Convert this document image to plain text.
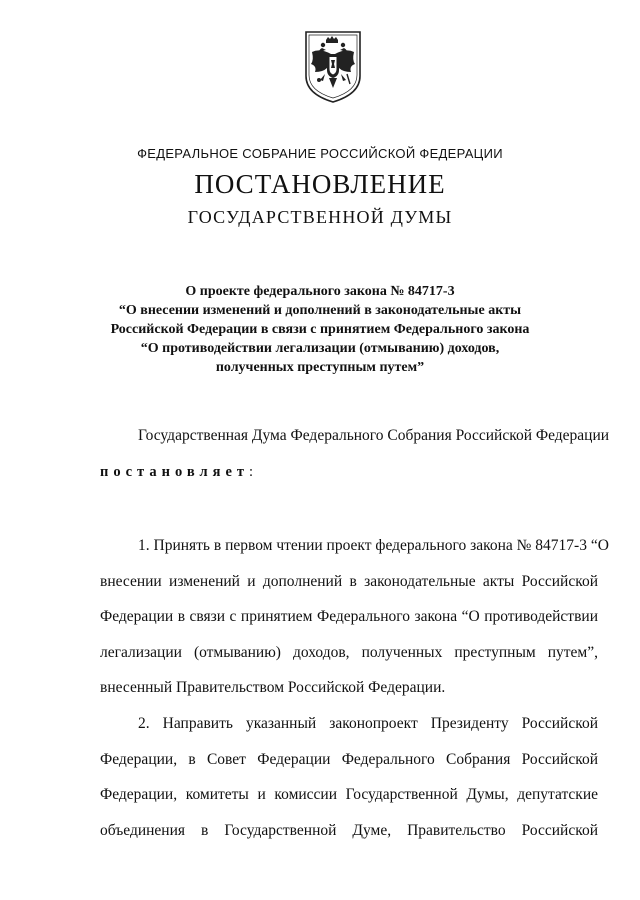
ФЕДЕРАЛЬНОЕ СОБРАНИЕ РОССИЙСКОЙ ФЕДЕРАЦИИ
ПОСТАНОВЛЕНИЕ
ГОСУДАРСТВЕННОЙ ДУМЫ
О проекте федерального закона № 84717-3
“О внесении изменений и дополнений в законодательные акты
Российской Федерации в связи с принятием Федерального закона
“О противодействии легализации (отмыванию) доходов,
полученных преступным путем”
Государственная Дума Федерального Собрания Российской Федерации
постановляет:
1. Принять в первом чтении проект федерального закона № 84717-3 “О
внесении изменений и дополнений в законодательные акты Российской
Федерации в связи с принятием Федерального закона “О противодействии
легализации (отмыванию) доходов, полученных преступным путем”,
внесенный Правительством Российской Федерации.
2. Направить указанный законопроект Президенту Российской
Федерации, в Совет Федерации Федерального Собрания Российской
Федерации, комитеты и комиссии Государственной Думы, депутатские
объединения в Государственной Думе, Правительство Российской
